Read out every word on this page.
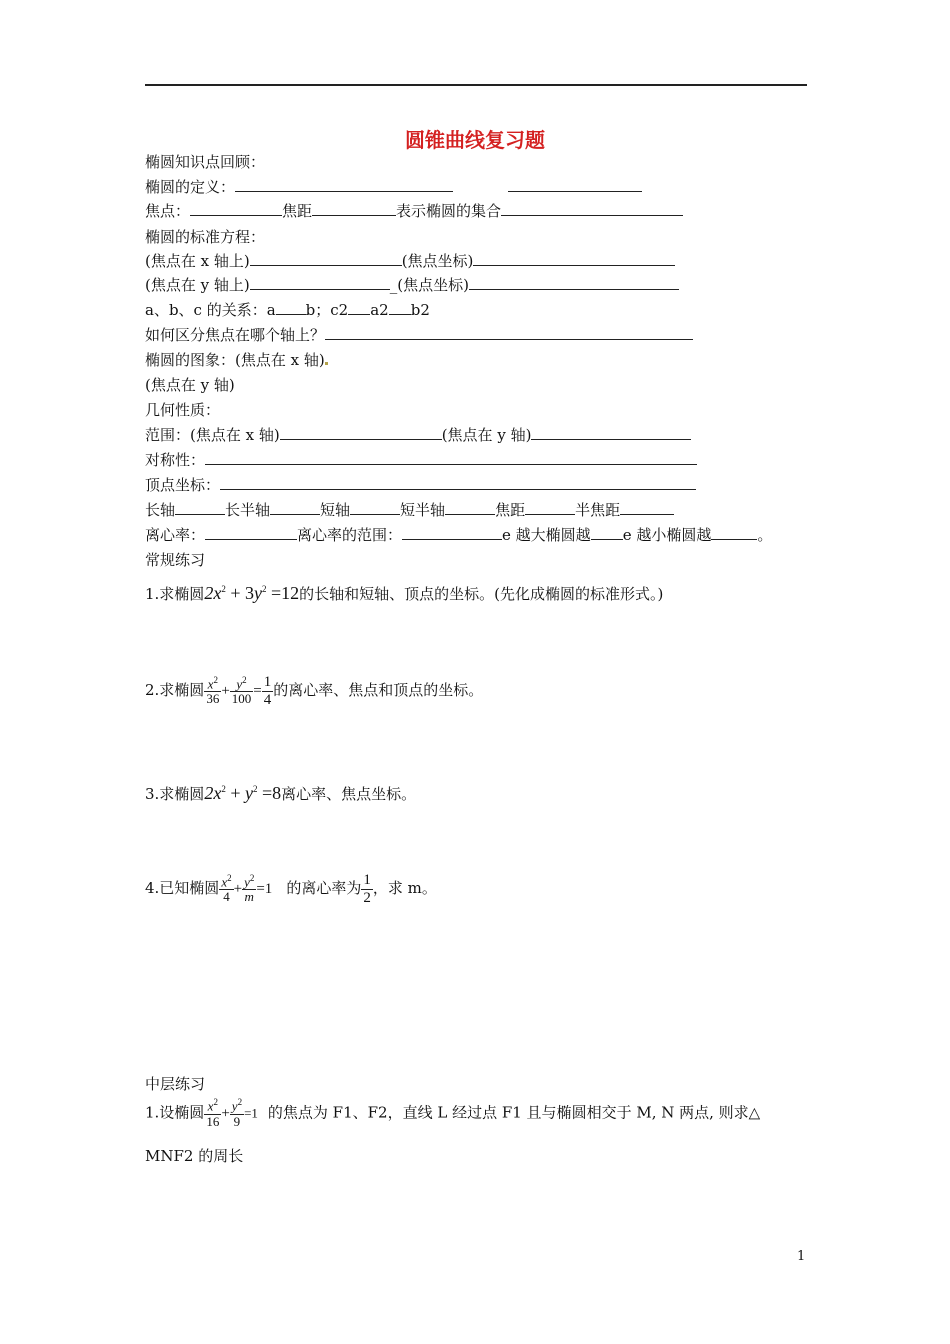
圆锥曲线复习题
椭圆知识点回顾：
椭圆的定义：
焦点：	焦距	表示椭圆的集合
椭圆的标准方程：
(焦点在 x 轴上)	(焦点坐标)
(焦点在 y 轴上)	_(焦点坐标)
a、b、c 的关系：a b；c2 a2 b2
如何区分焦点在哪个轴上？
椭圆的图象：(焦点在 x 轴)
(焦点在 y 轴)
几何性质：
范围：(焦点在 x 轴)	(焦点在 y 轴)
对称性：
顶点坐标：
长轴	长半轴	短轴	短半轴	焦距	半焦距
离心率：	离心率的范围：	e 越大椭圆越 e 越小椭圆越	。
常规练习
1.求椭圆$2x^2 + 3y^2 =12$的长轴和短轴、顶点的坐标。(先化成椭圆的标准形式。)
2.求椭圆 $\frac{x^2}{36} + \frac{y^2}{100} = \frac{1}{4}$ 的离心率、焦点和顶点的坐标。
3.求椭圆$2x^2 + y^2 =8$离心率、焦点坐标。
4.已知椭圆 $\frac{x^2}{4} + \frac{y^2}{m} =1$ 的离心率为 $\frac{1}{2}$ ，求 m。
中层练习
1.设椭圆 $\frac{x^2}{16} + \frac{y^2}{9} =1$ 的焦点为 F1、F2，直线 L 经过点 F1 且与椭圆相交于 M, N 两点, 则求△
MNF2 的周长
1
